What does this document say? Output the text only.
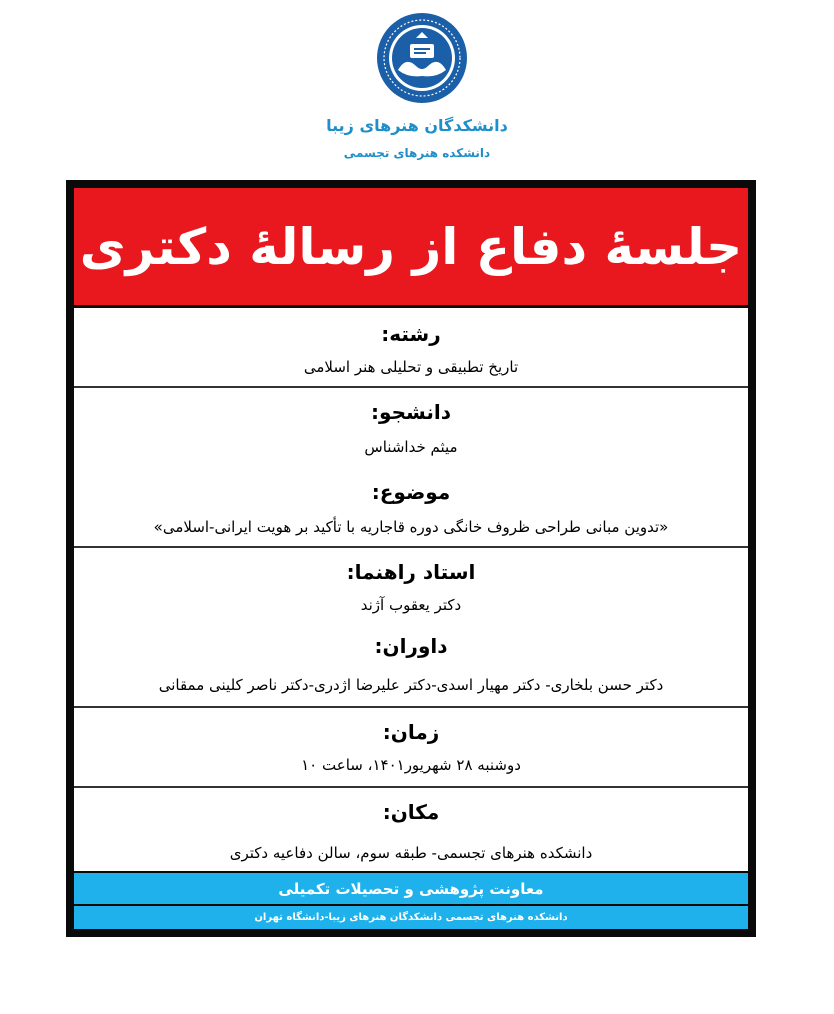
دانشکدگان هنرهای زیبا
دانشکده هنرهای تجسمی
جلسهٔ دفاع از رسالهٔ دکتری
رشته:
تاریخ تطبیقی و تحلیلی هنر اسلامی
دانشجو:
میثم خداشناس
موضوع:
«تدوین مبانی طراحی ظروف خانگی دوره قاجاریه با تأکید بر هویت ایرانی-اسلامی»
استاد راهنما:
دکتر یعقوب آژند
داوران:
دکتر حسن بلخاری- دکتر مهیار اسدی-دکتر علیرضا اژدری-دکتر ناصر کلینی ممقانی
زمان:
دوشنبه ۲۸ شهریور۱۴۰۱، ساعت ۱۰
مکان:
دانشکده هنرهای تجسمی- طبقه سوم، سالن دفاعیه دکتری
معاونت پژوهشی و تحصیلات تکمیلی
دانشکده هنرهای تجسمی دانشکدگان هنرهای زیبا-دانشگاه تهران
